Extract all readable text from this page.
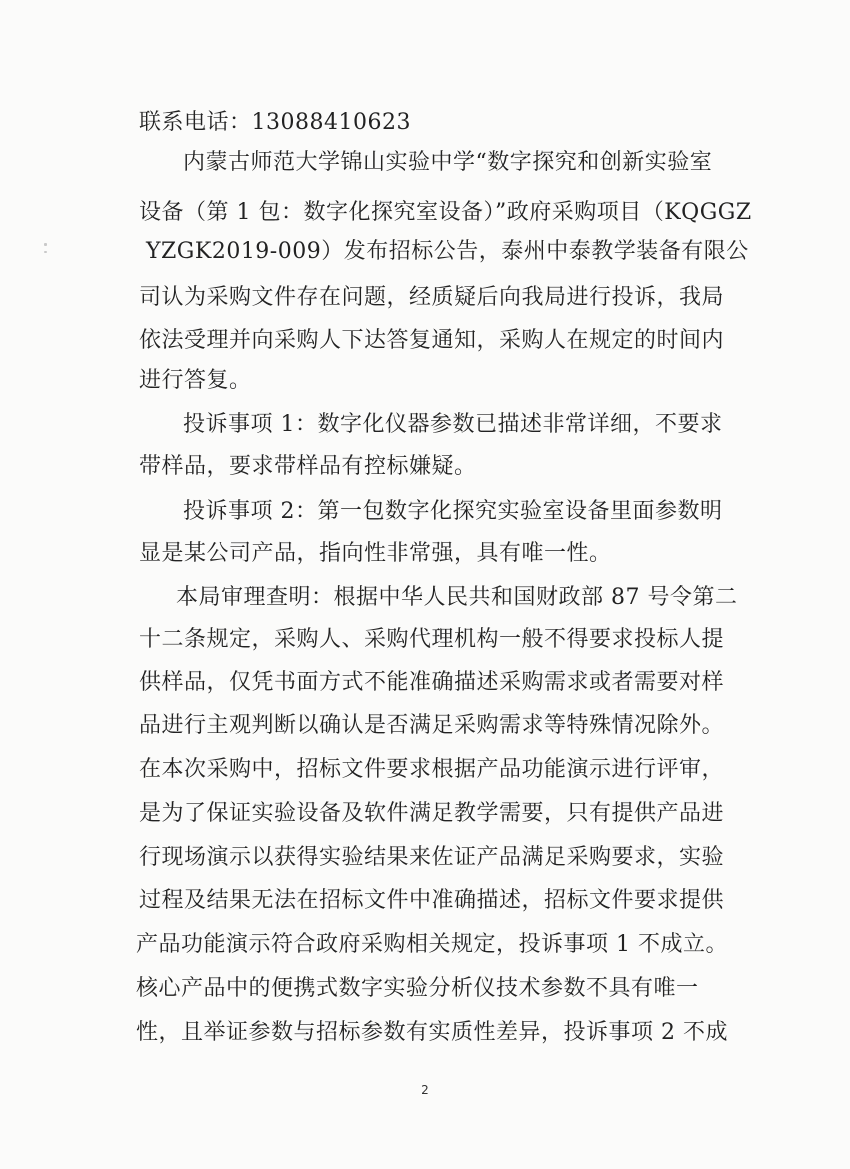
联系电话：13088410623
内蒙古师范大学锦山实验中学“数字探究和创新实验室
设备（第 1 包：数字化探究室设备）”政府采购项目（KQGGZ
YZGK2019-009）发布招标公告，泰州中泰教学装备有限公
司认为采购文件存在问题，经质疑后向我局进行投诉，我局
依法受理并向采购人下达答复通知，采购人在规定的时间内
进行答复。
投诉事项 1：数字化仪器参数已描述非常详细，不要求
带样品，要求带样品有控标嫌疑。
投诉事项 2：第一包数字化探究实验室设备里面参数明
显是某公司产品，指向性非常强，具有唯一性。
本局审理查明：根据中华人民共和国财政部 87 号令第二
十二条规定，采购人、采购代理机构一般不得要求投标人提
供样品，仅凭书面方式不能准确描述采购需求或者需要对样
品进行主观判断以确认是否满足采购需求等特殊情况除外。
在本次采购中，招标文件要求根据产品功能演示进行评审，
是为了保证实验设备及软件满足教学需要，只有提供产品进
行现场演示以获得实验结果来佐证产品满足采购要求，实验
过程及结果无法在招标文件中准确描述，招标文件要求提供
产品功能演示符合政府采购相关规定，投诉事项 1 不成立。
核心产品中的便携式数字实验分析仪技术参数不具有唯一
性，且举证参数与招标参数有实质性差异，投诉事项 2 不成
2
